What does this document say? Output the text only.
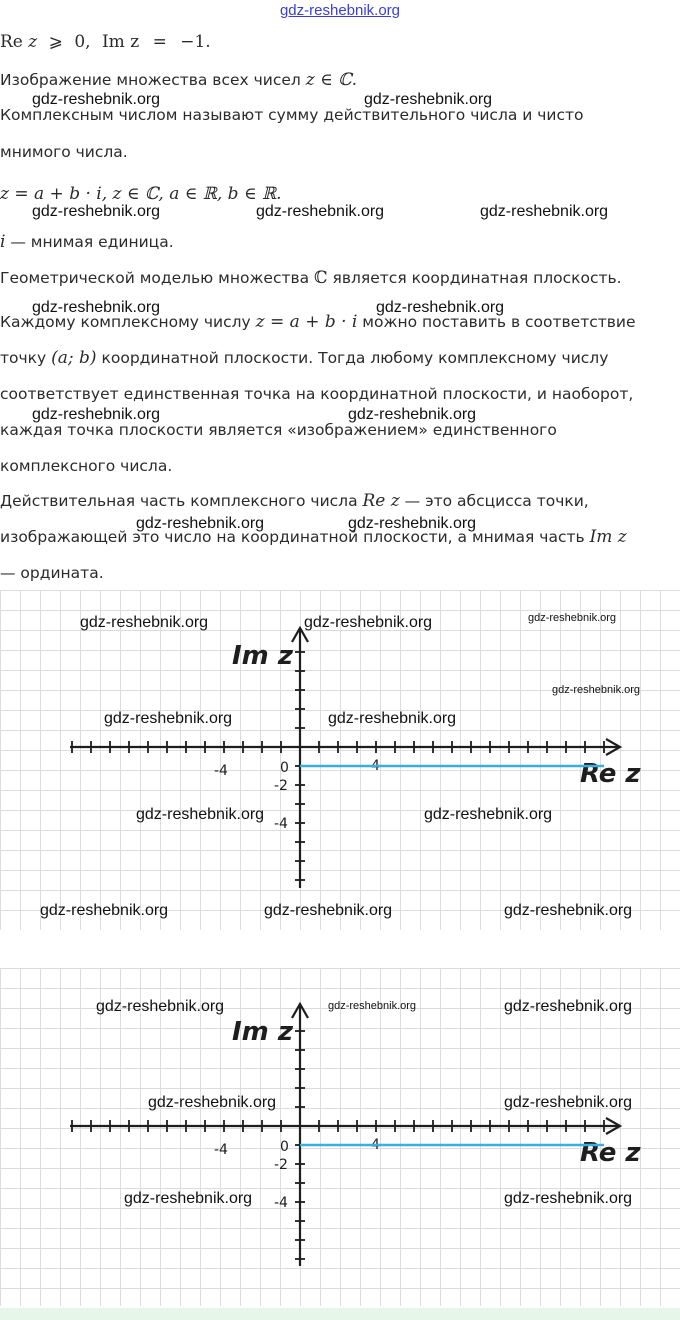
gdz-reshebnik.org
Re z ⩾ 0, Im z = −1.
Изображение множества всех чисел z ∈ ℂ.
Комплексным числом называют сумму действительного числа и чисто
мнимого числа.
z = a + b · i, z ∈ ℂ, a ∈ ℝ, b ∈ ℝ.
i — мнимая единица.
Геометрической моделью множества ℂ является координатная плоскость.
Каждому комплексному числу z = a + b · i можно поставить в соответствие
точку (a; b) координатной плоскости. Тогда любому комплексному числу
соответствует единственная точка на координатной плоскости, и наоборот,
каждая точка плоскости является «изображением» единственного
комплексного числа.
Действительная часть комплексного числа Re z — это абсцисса точки,
изображающей это число на координатной плоскости, а мнимая часть Im z
— ордината.
gdz-reshebnik.org	gdz-reshebnik.org
gdz-reshebnik.org	gdz-reshebnik.org	gdz-reshebnik.org
gdz-reshebnik.org	gdz-reshebnik.org
gdz-reshebnik.org	gdz-reshebnik.org
gdz-reshebnik.org	gdz-reshebnik.org
Re z
Im z
-4	0	4
-2
-4
gdz-reshebnik.org	gdz-reshebnik.org	gdz-reshebnik.org
gdz-reshebnik.org
gdz-reshebnik.org	gdz-reshebnik.org
gdz-reshebnik.org	gdz-reshebnik.org
gdz-reshebnik.org	gdz-reshebnik.org	gdz-reshebnik.org
Re z
Im z
-4	0	4
-2
-4
gdz-reshebnik.org	gdz-reshebnik.org	gdz-reshebnik.org
gdz-reshebnik.org	gdz-reshebnik.org
gdz-reshebnik.org	gdz-reshebnik.org
